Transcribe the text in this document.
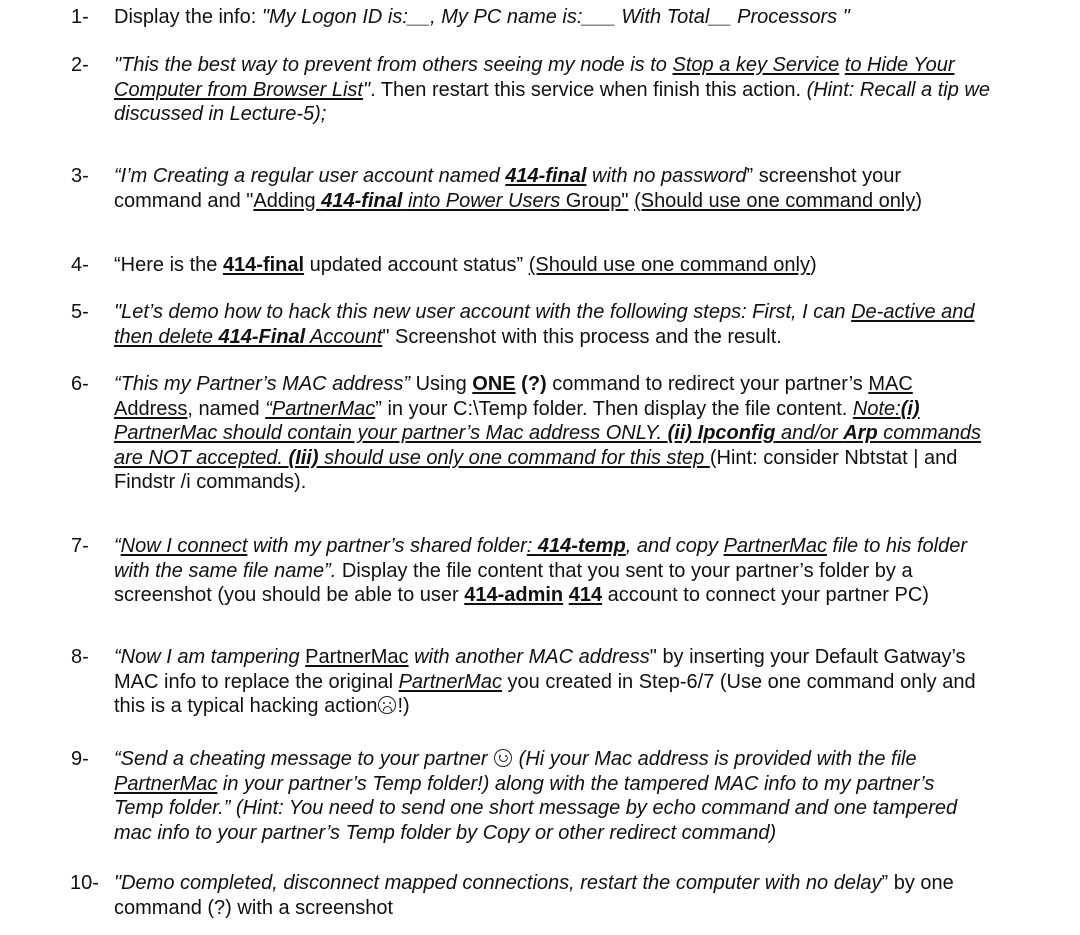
1- Display the info: "My Logon ID is:__, My PC name is:___ With Total__ Processors "
2- "This the best way to prevent from others seeing my node is to Stop a key Service to Hide Your
Computer from Browser List". Then restart this service when finish this action. (Hint: Recall a tip we
discussed in Lecture-5);
3- “I’m Creating a regular user account named 414-final with no password” screenshot your
command and "Adding 414-final into Power Users Group" (Should use one command only)
4- “Here is the 414-final updated account status” (Should use one command only)
5- "Let’s demo how to hack this new user account with the following steps: First, I can De-active and
then delete 414-Final Account" Screenshot with this process and the result.
6- “This my Partner’s MAC address” Using ONE (?) command to redirect your partner’s MAC
Address, named “PartnerMac” in your C:\Temp folder. Then display the file content. Note:(i)
PartnerMac should contain your partner’s Mac address ONLY. (ii) Ipconfig and/or Arp commands
are NOT accepted. (Iii) should use only one command for this step (Hint: consider Nbtstat | and
Findstr /i commands).
7- “Now I connect with my partner’s shared folder: 414-temp, and copy PartnerMac file to his folder
with the same file name”. Display the file content that you sent to your partner’s folder by a
screenshot (you should be able to user 414-admin 414 account to connect your partner PC)
8- “Now I am tampering PartnerMac with another MAC address" by inserting your Default Gatway’s
MAC info to replace the original PartnerMac you created in Step-6/7 (Use one command only and
this is a typical hacking action !)
9- “Send a cheating message to your partner  (Hi your Mac address is provided with the file
PartnerMac in your partner’s Temp folder!) along with the tampered MAC info to my partner’s
Temp folder.” (Hint: You need to send one short message by echo command and one tampered
mac info to your partner’s Temp folder by Copy or other redirect command)
10- "Demo completed, disconnect mapped connections, restart the computer with no delay” by one
command (?) with a screenshot
